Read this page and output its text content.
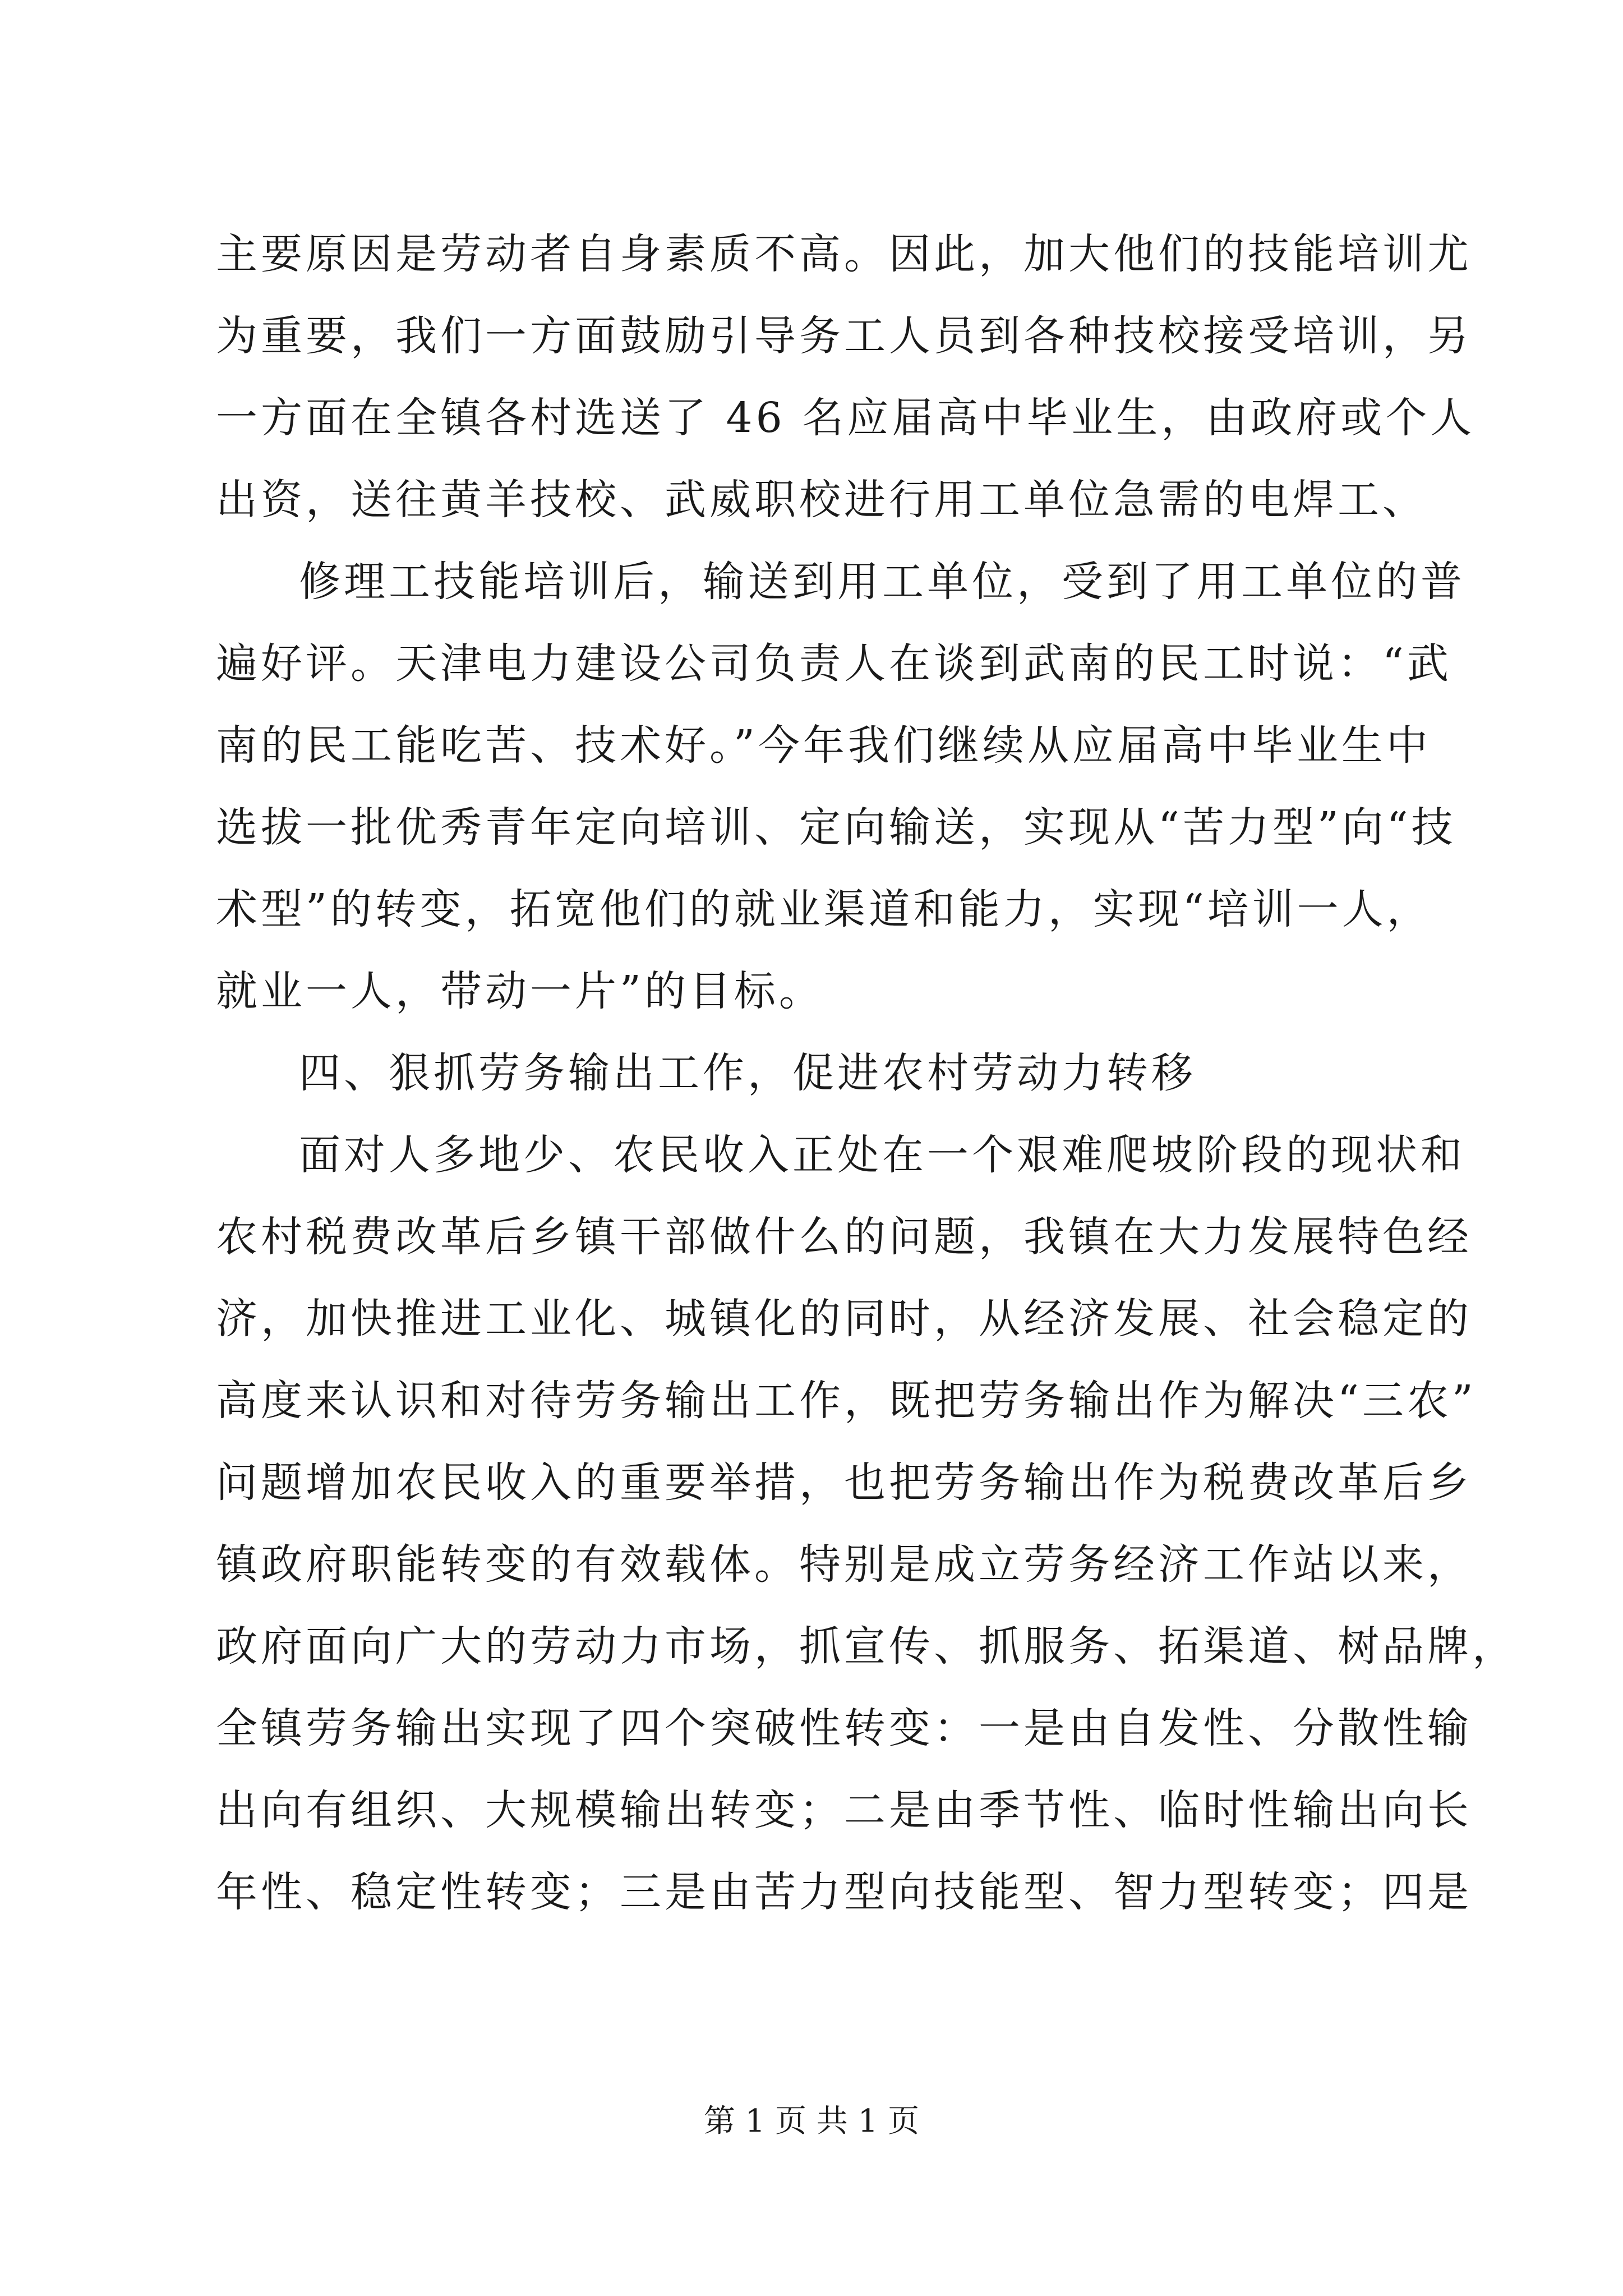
主要原因是劳动者自身素质不高。因此，加大他们的技能培训尤
为重要，我们一方面鼓励引导务工人员到各种技校接受培训，另
一方面在全镇各村选送了 46 名应届高中毕业生，由政府或个人
出资，送往黄羊技校、武威职校进行用工单位急需的电焊工、
修理工技能培训后，输送到用工单位，受到了用工单位的普
遍好评。天津电力建设公司负责人在谈到武南的民工时说：“武
南的民工能吃苦、技术好。”今年我们继续从应届高中毕业生中
选拔一批优秀青年定向培训、定向输送，实现从“苦力型”向“技
术型”的转变，拓宽他们的就业渠道和能力，实现“培训一人，
就业一人，带动一片”的目标。
四、狠抓劳务输出工作，促进农村劳动力转移
面对人多地少、农民收入正处在一个艰难爬坡阶段的现状和
农村税费改革后乡镇干部做什么的问题，我镇在大力发展特色经
济，加快推进工业化、城镇化的同时，从经济发展、社会稳定的
高度来认识和对待劳务输出工作，既把劳务输出作为解决“三农”
问题增加农民收入的重要举措，也把劳务输出作为税费改革后乡
镇政府职能转变的有效载体。特别是成立劳务经济工作站以来，
政府面向广大的劳动力市场，抓宣传、抓服务、拓渠道、树品牌，
全镇劳务输出实现了四个突破性转变：一是由自发性、分散性输
出向有组织、大规模输出转变；二是由季节性、临时性输出向长
年性、稳定性转变；三是由苦力型向技能型、智力型转变；四是
第 1 页 共 1 页
